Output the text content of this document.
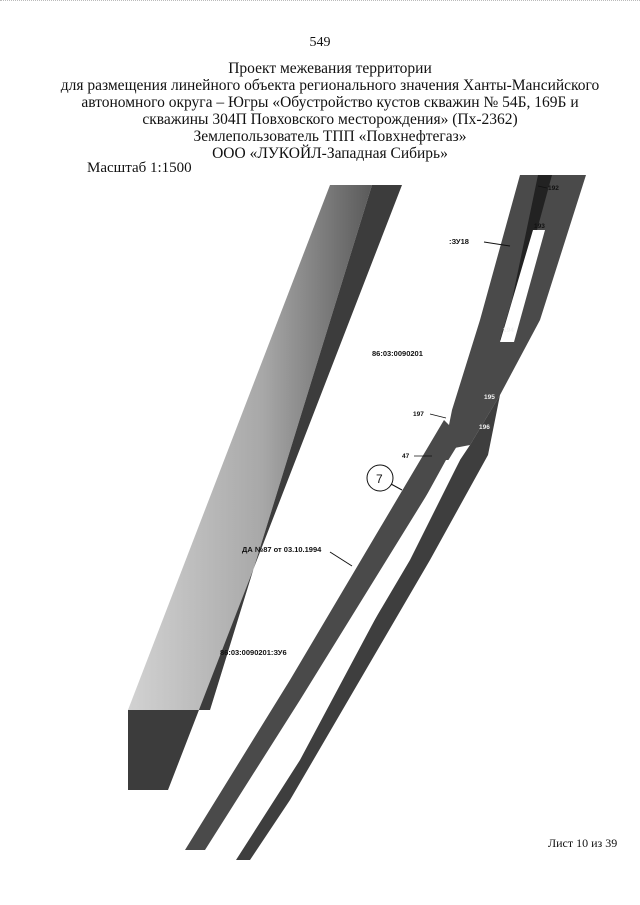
549
Проект межевания территории
для размещения линейного объекта регионального значения Ханты-Мансийского
автономного округа – Югры «Обустройство кустов скважин № 54Б, 169Б и
скважины 304П Повховского месторождения» (Пх-2362)
Землепользователь ТПП «Повхнефтегаз»
ООО «ЛУКОЙЛ-Западная Сибирь»
Масштаб 1:1500
86:03:0090201
:ЗУ18
ДА №87 от 03.10.1994
86:03:0090201:ЗУ6
192
193
194
195
196
197
47
7
Лист 10 из 39
